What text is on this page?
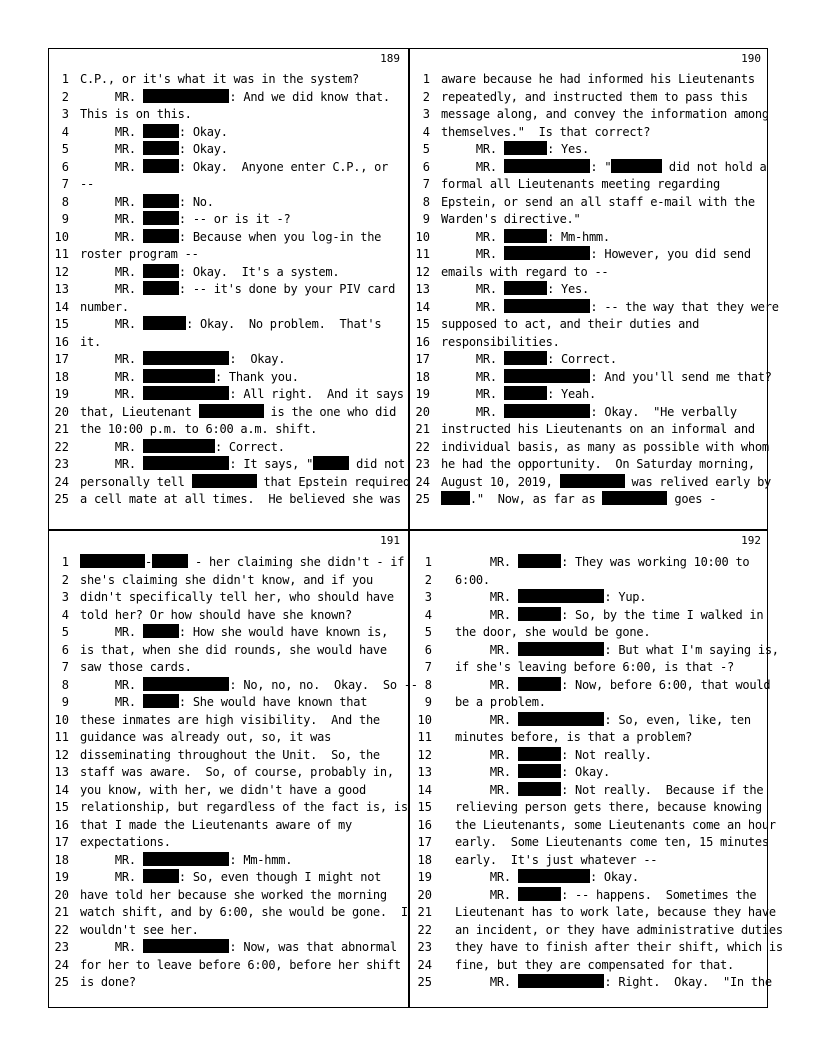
189
1 C.P., or it's what it was in the system?
2 MR.	: And we did know that.
3 This is on this.
4 MR.	: Okay.
5 MR.	: Okay.
6 MR.	: Okay.  Anyone enter C.P., or
7 --
8 MR.	: No.
9 MR.	: -- or is it -?
10 MR.	: Because when you log-in the
11 roster program --
12 MR.	: Okay.  It's a system.
13 MR.	: -- it's done by your PIV card
14 number.
15 MR.	: Okay.  No problem.  That's
16 it.
17 MR.	:  Okay.
18 MR.	: Thank you.
19 MR.	: All right.  And it says
20 that, Lieutenant	is the one who did
21 the 10:00 p.m. to 6:00 a.m. shift.
22 MR.	: Correct.
23 MR.	: It says, "	did not
24 personally tell	that Epstein required
25 a cell mate at all times.  He believed she was
190
1 aware because he had informed his Lieutenants
2 repeatedly, and instructed them to pass this
3 message along, and convey the information among
4 themselves."  Is that correct?
5 MR.	: Yes.
6 MR.	: "	did not hold a
7 formal all Lieutenants meeting regarding
8 Epstein, or send an all staff e-mail with the
9 Warden's directive."
10 MR.	: Mm-hmm.
11 MR.	: However, you did send
12 emails with regard to --
13 MR.	: Yes.
14 MR.	: -- the way that they were
15 supposed to act, and their duties and
16 responsibilities.
17 MR.	: Correct.
18 MR.	: And you'll send me that?
19 MR.	: Yeah.
20 MR.	: Okay.  "He verbally
21 instructed his Lieutenants on an informal and
22 individual basis, as many as possible with whom
23 he had the opportunity.  On Saturday morning,
24 August 10, 2019,	was relived early by
25	."  Now, as far as	goes -
191
1	-	- her claiming she didn't - if
2 she's claiming she didn't know, and if you
3 didn't specifically tell her, who should have
4 told her? Or how should have she known?
5 MR.	: How she would have known is,
6 is that, when she did rounds, she would have
7 saw those cards.
8 MR.	: No, no, no.  Okay.  So --
9 MR.	: She would have known that
10 these inmates are high visibility.  And the
11 guidance was already out, so, it was
12 disseminating throughout the Unit.  So, the
13 staff was aware.  So, of course, probably in,
14 you know, with her, we didn't have a good
15 relationship, but regardless of the fact is, is
16 that I made the Lieutenants aware of my
17 expectations.
18 MR.	: Mm-hmm.
19 MR.	: So, even though I might not
20 have told her because she worked the morning
21 watch shift, and by 6:00, she would be gone.  I
22 wouldn't see her.
23 MR.	: Now, was that abnormal
24 for her to leave before 6:00, before her shift
25 is done?
192
1 MR.	: They was working 10:00 to
2 6:00.
3 MR.	: Yup.
4 MR.	: So, by the time I walked in
5 the door, she would be gone.
6 MR.	: But what I'm saying is,
7 if she's leaving before 6:00, is that -?
8 MR.	: Now, before 6:00, that would
9 be a problem.
10 MR.	: So, even, like, ten
11 minutes before, is that a problem?
12 MR.	: Not really.
13 MR.	: Okay.
14 MR.	: Not really.  Because if the
15 relieving person gets there, because knowing
16 the Lieutenants, some Lieutenants come an hour
17 early.  Some Lieutenants come ten, 15 minutes
18 early.  It's just whatever --
19 MR.	: Okay.
20 MR.	: -- happens.  Sometimes the
21 Lieutenant has to work late, because they have
22 an incident, or they have administrative duties
23 they have to finish after their shift, which is
24 fine, but they are compensated for that.
25 MR.	: Right.  Okay.  "In the
